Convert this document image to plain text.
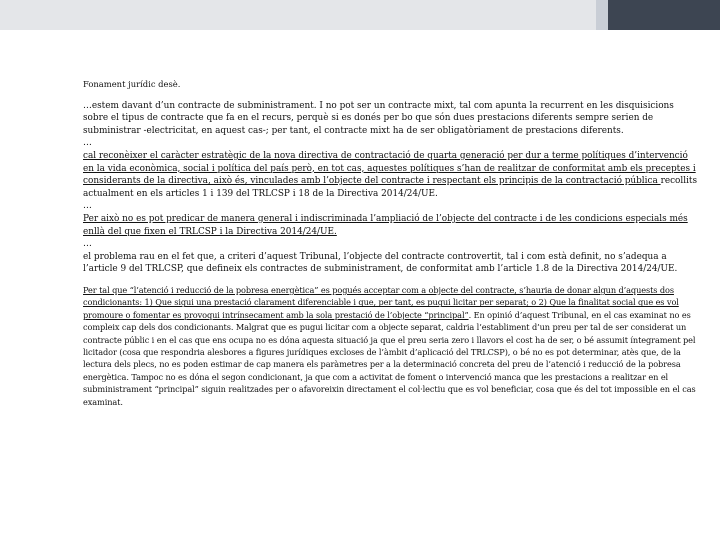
Fonament jurídic desè.

…estem davant d’un contracte de subministrament. I no pot ser un contracte mixt, tal com apunta la recurrent en les disquisicions sobre el tipus de contracte que fa en el recurs, perquè si es donés per bo que són dues prestacions diferents sempre serien de subministrar -electricitat, en aquest cas-; per tant, el contracte mixt ha de ser obligatòriament de prestacions diferents.

…

cal reconèixer el caràcter estratègic de la nova directiva de contractació de quarta generació per dur a terme polítiques d’intervenció en la vida econòmica, social i política del país però, en tot cas, aquestes polítiques s’han de realitzar de conformitat amb els preceptes i considerants de la directiva, això és, vinculades amb l’objecte del contracte i respectant els principis de la contractació pública recollits actualment en els articles 1 i 139 del TRLCSP i 18 de la Directiva 2014/24/UE.

…

Per això no es pot predicar de manera general i indiscriminada l’ampliació de l’objecte del contracte i de les condicions especials més enllà del que fixen el TRLCSP i la Directiva 2014/24/UE.

…

el problema rau en el fet que, a criteri d’aquest Tribunal, l’objecte del contracte controvertit, tal i com està definit, no s’adequa a l’article 9 del TRLCSP, que defineix els contractes de subministrament, de conformitat amb l’article 1.8 de la Directiva 2014/24/UE.

Per tal que “l’atenció i reducció de la pobresa energètica” es pogués acceptar com a objecte del contracte, s’hauria de donar algun d’aquests dos condicionants: 1) Que sigui una prestació clarament diferenciable i que, per tant, es pugui licitar per separat; o 2) Que la finalitat social que es vol promoure o fomentar es provoqui intrínsecament amb la sola prestació de l’objecte “principal”. En opinió d’aquest Tribunal, en el cas examinat no es compleix cap dels dos condicionants. Malgrat que es pugui licitar com a objecte separat, caldria l’establiment d’un preu per tal de ser considerat un contracte públic i en el cas que ens ocupa no es dóna aquesta situació ja que el preu seria zero i llavors el cost ha de ser, o bé assumit íntegrament pel licitador (cosa que respondria alesbores a figures jurídiques excloses de l’àmbit d’aplicació del TRLCSP), o bé no es pot determinar, atès que, de la lectura dels plecs, no es poden estimar de cap manera els paràmetres per a la determinació concreta del preu de l’atenció i reducció de la pobresa energètica. Tampoc no es dóna el segon condicionant, ja que com a activitat de foment o intervenció manca que les prestacions a realitzar en el subministrament “principal” siguin realitzades per o afavoreixin directament el col·lectiu que es vol beneficiar, cosa que és del tot impossible en el cas examinat.
